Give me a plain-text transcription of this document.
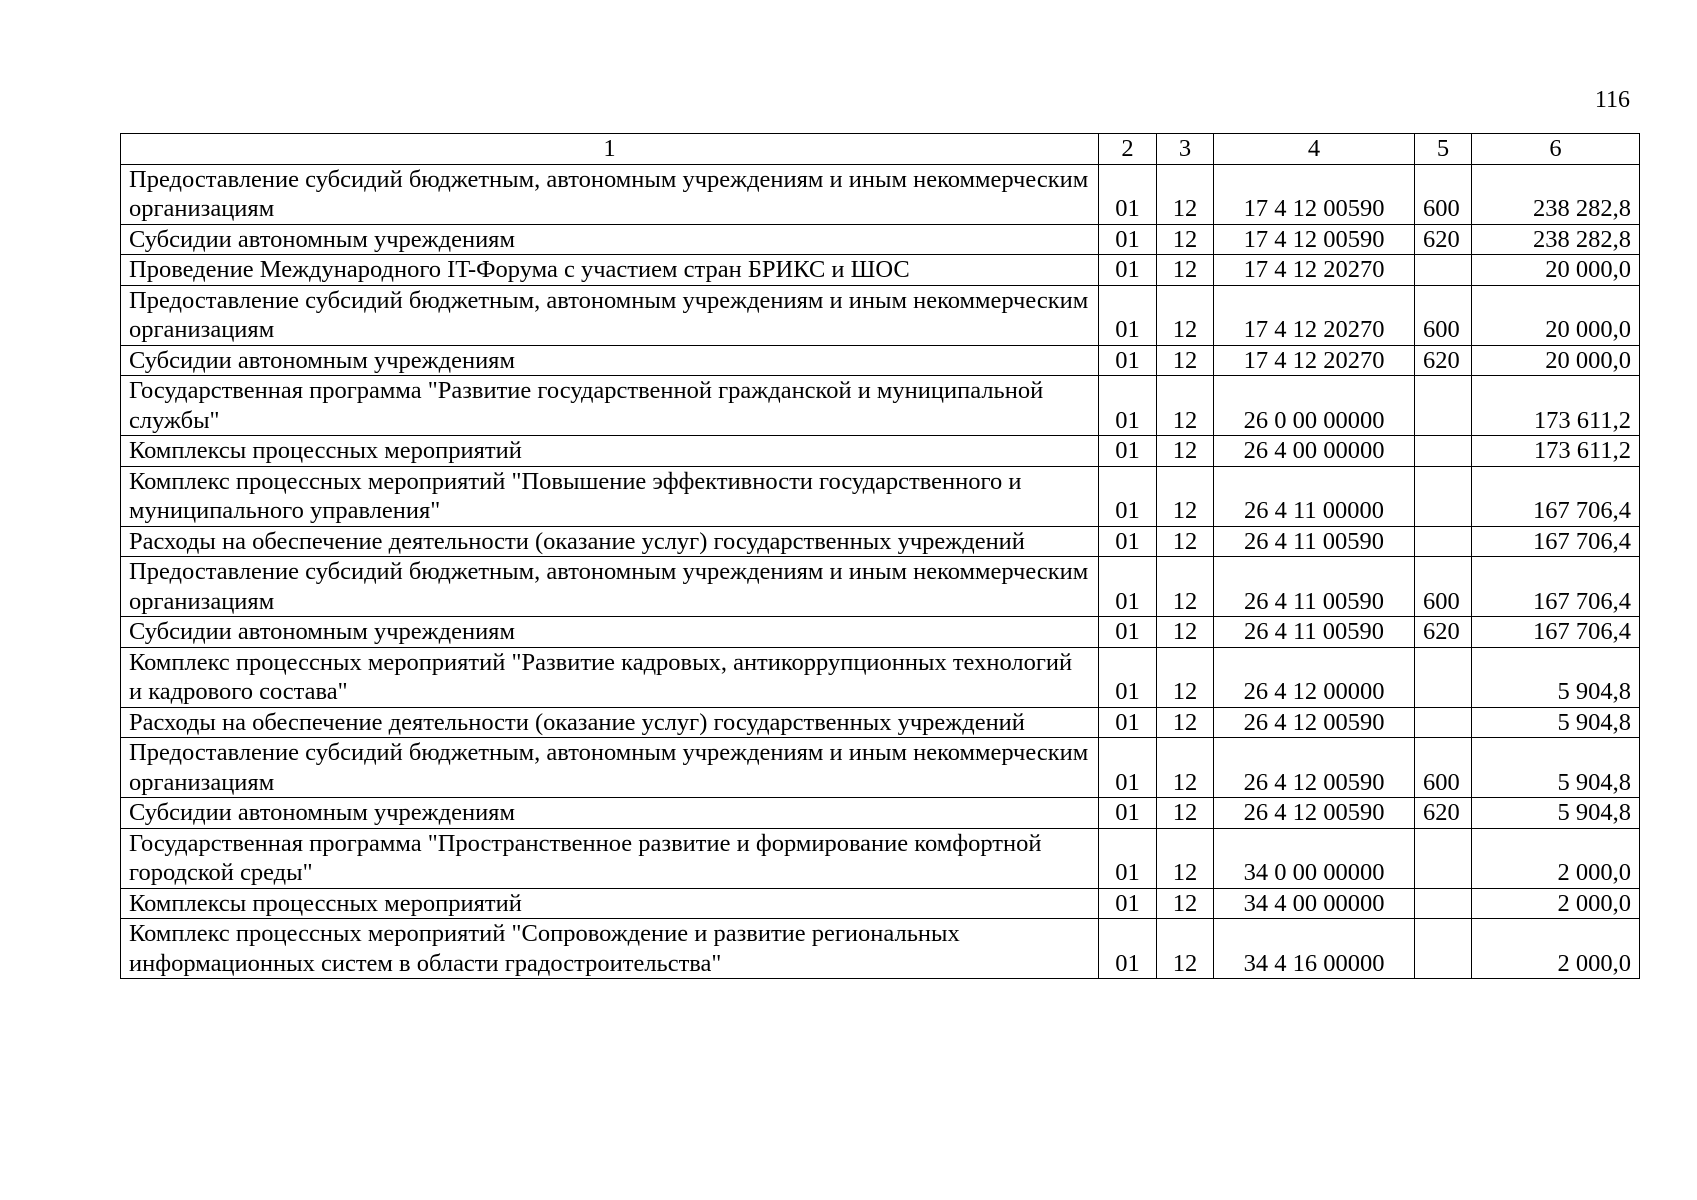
116
1	2	3	4	5	6
Предоставление субсидий бюджетным, автономным учреждениям и иным некоммерческим организациям	01	12	17 4 12 00590	600	238 282,8
Субсидии автономным учреждениям	01	12	17 4 12 00590	620	238 282,8
Проведение Международного IT-Форума с участием стран БРИКС и ШОС	01	12	17 4 12 20270		20 000,0
Предоставление субсидий бюджетным, автономным учреждениям и иным некоммерческим организациям	01	12	17 4 12 20270	600	20 000,0
Субсидии автономным учреждениям	01	12	17 4 12 20270	620	20 000,0
Государственная программа "Развитие государственной гражданской и муниципальной службы"	01	12	26 0 00 00000		173 611,2
Комплексы процессных мероприятий	01	12	26 4 00 00000		173 611,2
Комплекс процессных мероприятий "Повышение эффективности государственного и муниципального управления"	01	12	26 4 11 00000		167 706,4
Расходы на обеспечение деятельности (оказание услуг) государственных учреждений	01	12	26 4 11 00590		167 706,4
Предоставление субсидий бюджетным, автономным учреждениям и иным некоммерческим организациям	01	12	26 4 11 00590	600	167 706,4
Субсидии автономным учреждениям	01	12	26 4 11 00590	620	167 706,4
Комплекс процессных мероприятий "Развитие кадровых, антикоррупционных технологий и кадрового состава"	01	12	26 4 12 00000		5 904,8
Расходы на обеспечение деятельности (оказание услуг) государственных учреждений	01	12	26 4 12 00590		5 904,8
Предоставление субсидий бюджетным, автономным учреждениям и иным некоммерческим организациям	01	12	26 4 12 00590	600	5 904,8
Субсидии автономным учреждениям	01	12	26 4 12 00590	620	5 904,8
Государственная программа "Пространственное развитие и формирование комфортной городской среды"	01	12	34 0 00 00000		2 000,0
Комплексы процессных мероприятий	01	12	34 4 00 00000		2 000,0
Комплекс процессных мероприятий "Сопровождение и развитие региональных информационных систем в области градостроительства"	01	12	34 4 16 00000		2 000,0
